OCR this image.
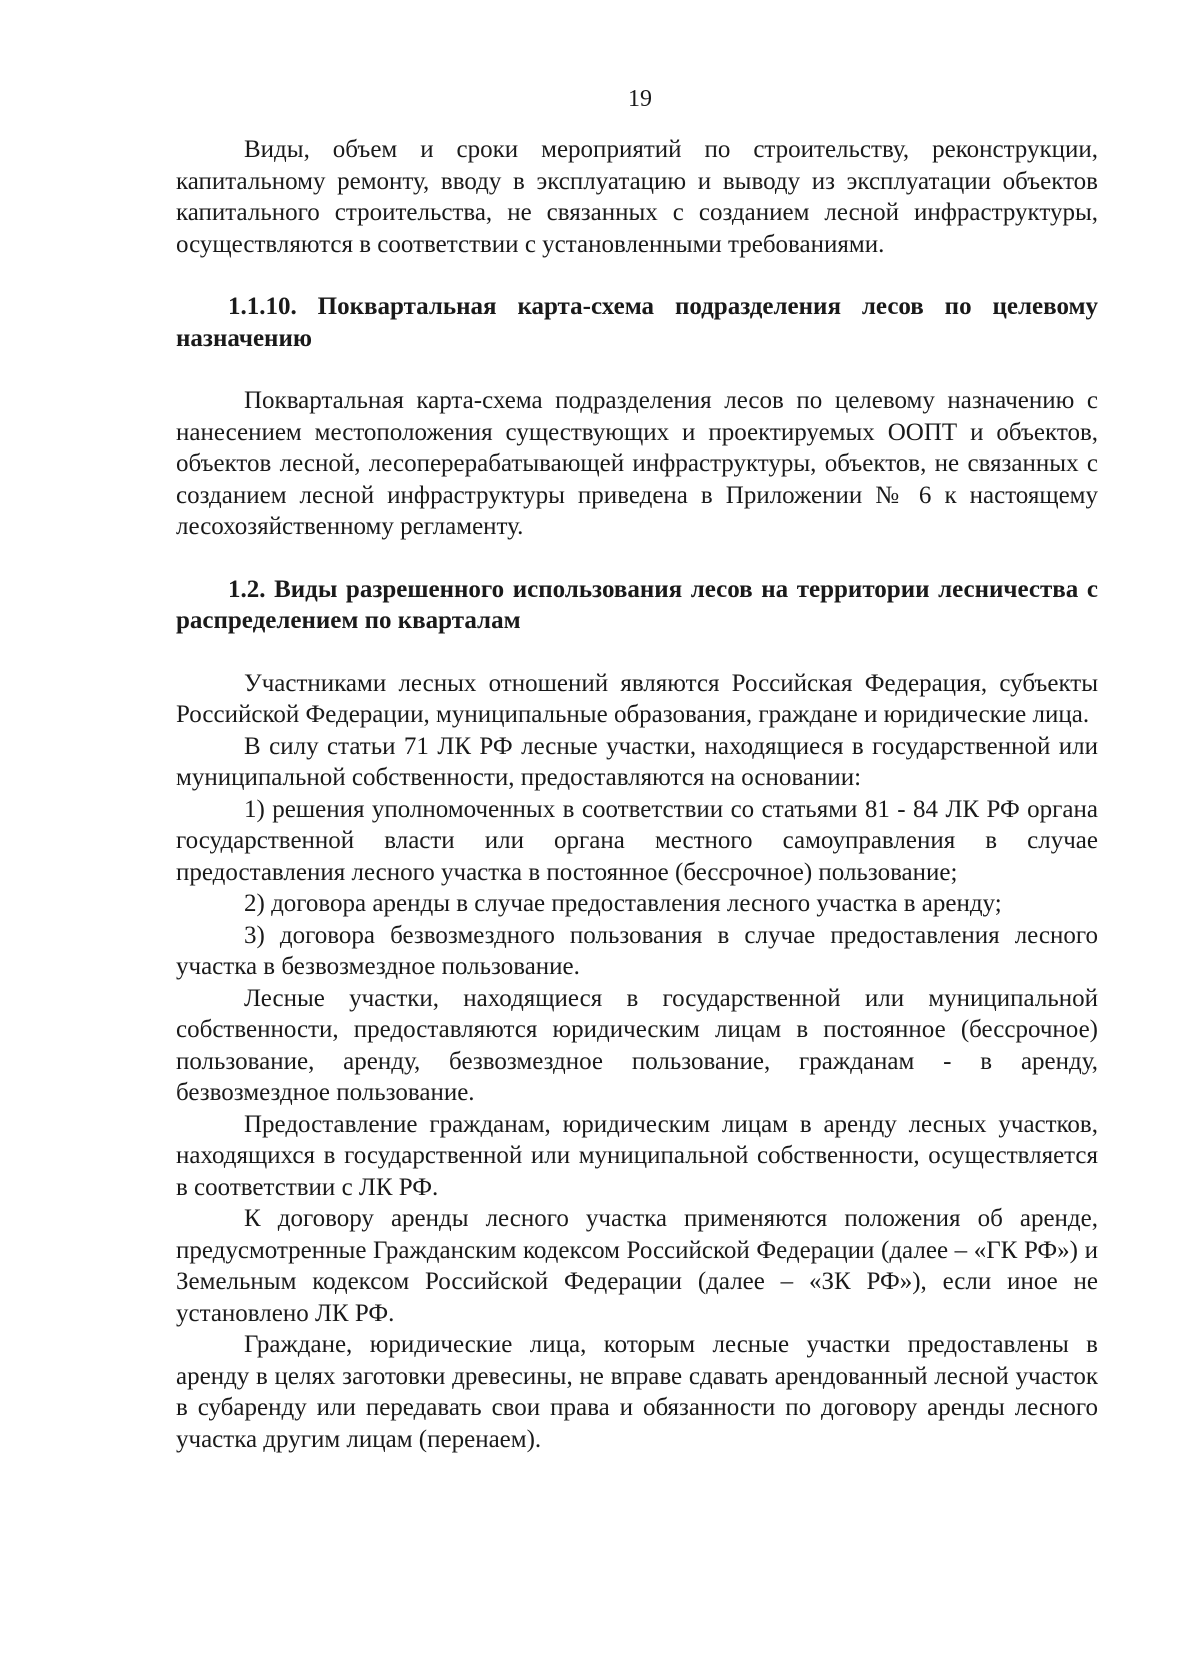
19

Виды, объем и сроки мероприятий по строительству, реконструкции, капитальному ремонту, вводу в эксплуатацию и выводу из эксплуатации объектов капитального строительства, не связанных с созданием лесной инфраструктуры, осуществляются в соответствии с установленными требованиями.

1.1.10. Поквартальная карта-схема подразделения лесов по целевому назначению

Поквартальная карта-схема подразделения лесов по целевому назначению с нанесением местоположения существующих и проектируемых ООПТ и объектов, объектов лесной, лесоперерабатывающей инфраструктуры, объектов, не связанных с созданием лесной инфраструктуры приведена в Приложении № 6 к настоящему лесохозяйственному регламенту.

1.2. Виды разрешенного использования лесов на территории лесничества с распределением по кварталам

Участниками лесных отношений являются Российская Федерация, субъекты Российской Федерации, муниципальные образования, граждане и юридические лица.

В силу статьи 71 ЛК РФ лесные участки, находящиеся в государственной или муниципальной собственности, предоставляются на основании:

1) решения уполномоченных в соответствии со статьями 81 - 84 ЛК РФ органа государственной власти или органа местного самоуправления в случае предоставления лесного участка в постоянное (бессрочное) пользование;

2) договора аренды в случае предоставления лесного участка в аренду;

3) договора безвозмездного пользования в случае предоставления лесного участка в безвозмездное пользование.

Лесные участки, находящиеся в государственной или муниципальной собственности, предоставляются юридическим лицам в постоянное (бессрочное) пользование, аренду, безвозмездное пользование, гражданам - в аренду, безвозмездное пользование.

Предоставление гражданам, юридическим лицам в аренду лесных участков, находящихся в государственной или муниципальной собственности, осуществляется в соответствии с ЛК РФ.

К договору аренды лесного участка применяются положения об аренде, предусмотренные Гражданским кодексом Российской Федерации (далее – «ГК РФ») и Земельным кодексом Российской Федерации (далее – «ЗК РФ»), если иное не установлено ЛК РФ.

Граждане, юридические лица, которым лесные участки предоставлены в аренду в целях заготовки древесины, не вправе сдавать арендованный лесной участок в субаренду или передавать свои права и обязанности по договору аренды лесного участка другим лицам (перенаем).
